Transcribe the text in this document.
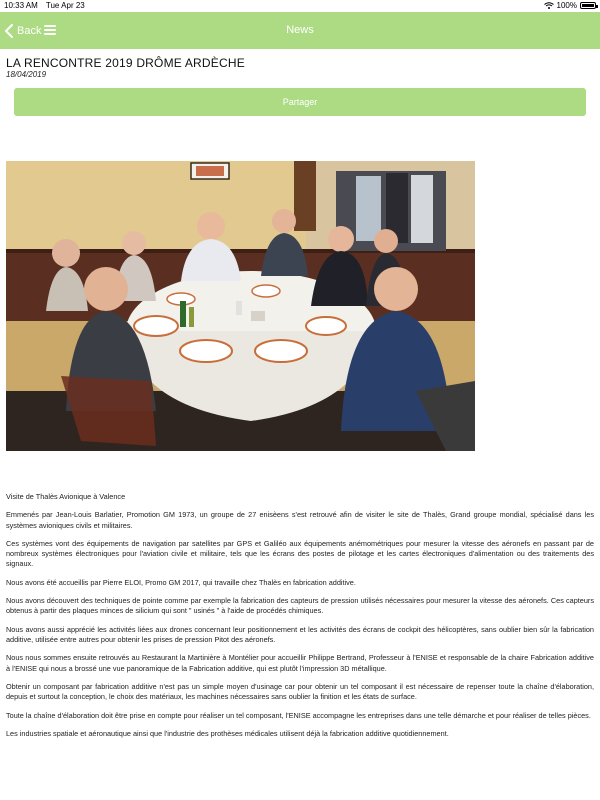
10:33 AM Tue Apr 23	100%
News
Back
LA RENCONTRE 2019 DRÔME ARDÈCHE
18/04/2019
Partager

Visite de Thalès Avionique à Valence

Emmenés par Jean-Louis Barlatier, Promotion GM 1973, un groupe de 27 enisèens s'est retrouvé afin de visiter le site de Thalès, Grand groupe mondial, spécialisé dans les systèmes avioniques civils et militaires.

Ces systèmes vont des équipements de navigation par satellites par GPS et Galiléo aux équipements anémométriques pour mesurer la vitesse des aéronefs en passant par de nombreux systèmes électroniques pour l'aviation civile et militaire, tels que les écrans des postes de pilotage et les cartes électroniques d'alimentation ou des traitements des signaux.

Nous avons été accueillis par Pierre ELOI, Promo GM 2017, qui travaille chez Thalès en fabrication additive.

Nous avons découvert des techniques de pointe comme par exemple la fabrication des capteurs de pression utilisés nécessaires pour mesurer la vitesse des aéronefs. Ces capteurs obtenus à partir des plaques minces de silicium qui sont " usinés " à l'aide de procédés chimiques.

Nous avons aussi apprécié les activités liées aux drones concernant leur positionnement et les activités des écrans de cockpit des hélicoptères, sans oublier bien sûr la fabrication additive, utilisée entre autres pour obtenir les prises de pression Pitot des aéronefs.

Nous nous sommes ensuite retrouvés au Restaurant la Martinière à Montélier pour accueillir Philippe Bertrand, Professeur à l'ENISE et responsable de la chaire Fabrication additive à l'ENISE qui nous a brossé une vue panoramique de la Fabrication additive, qui est plutôt l'impression 3D métallique.

Obtenir un composant par fabrication additive n'est pas un simple moyen d'usinage car pour obtenir un tel composant il est nécessaire de repenser toute la chaîne d'élaboration, depuis et surtout la conception, le choix des matériaux, les machines nécessaires sans oublier la finition et les états de surface.

Toute la chaîne d'élaboration doit être prise en compte pour réaliser un tel composant, l'ENISE accompagne les entreprises dans une telle démarche et pour réaliser de telles pièces.

Les industries spatiale et aéronautique ainsi que l'industrie des prothèses médicales utilisent déjà la fabrication additive quotidiennement.
